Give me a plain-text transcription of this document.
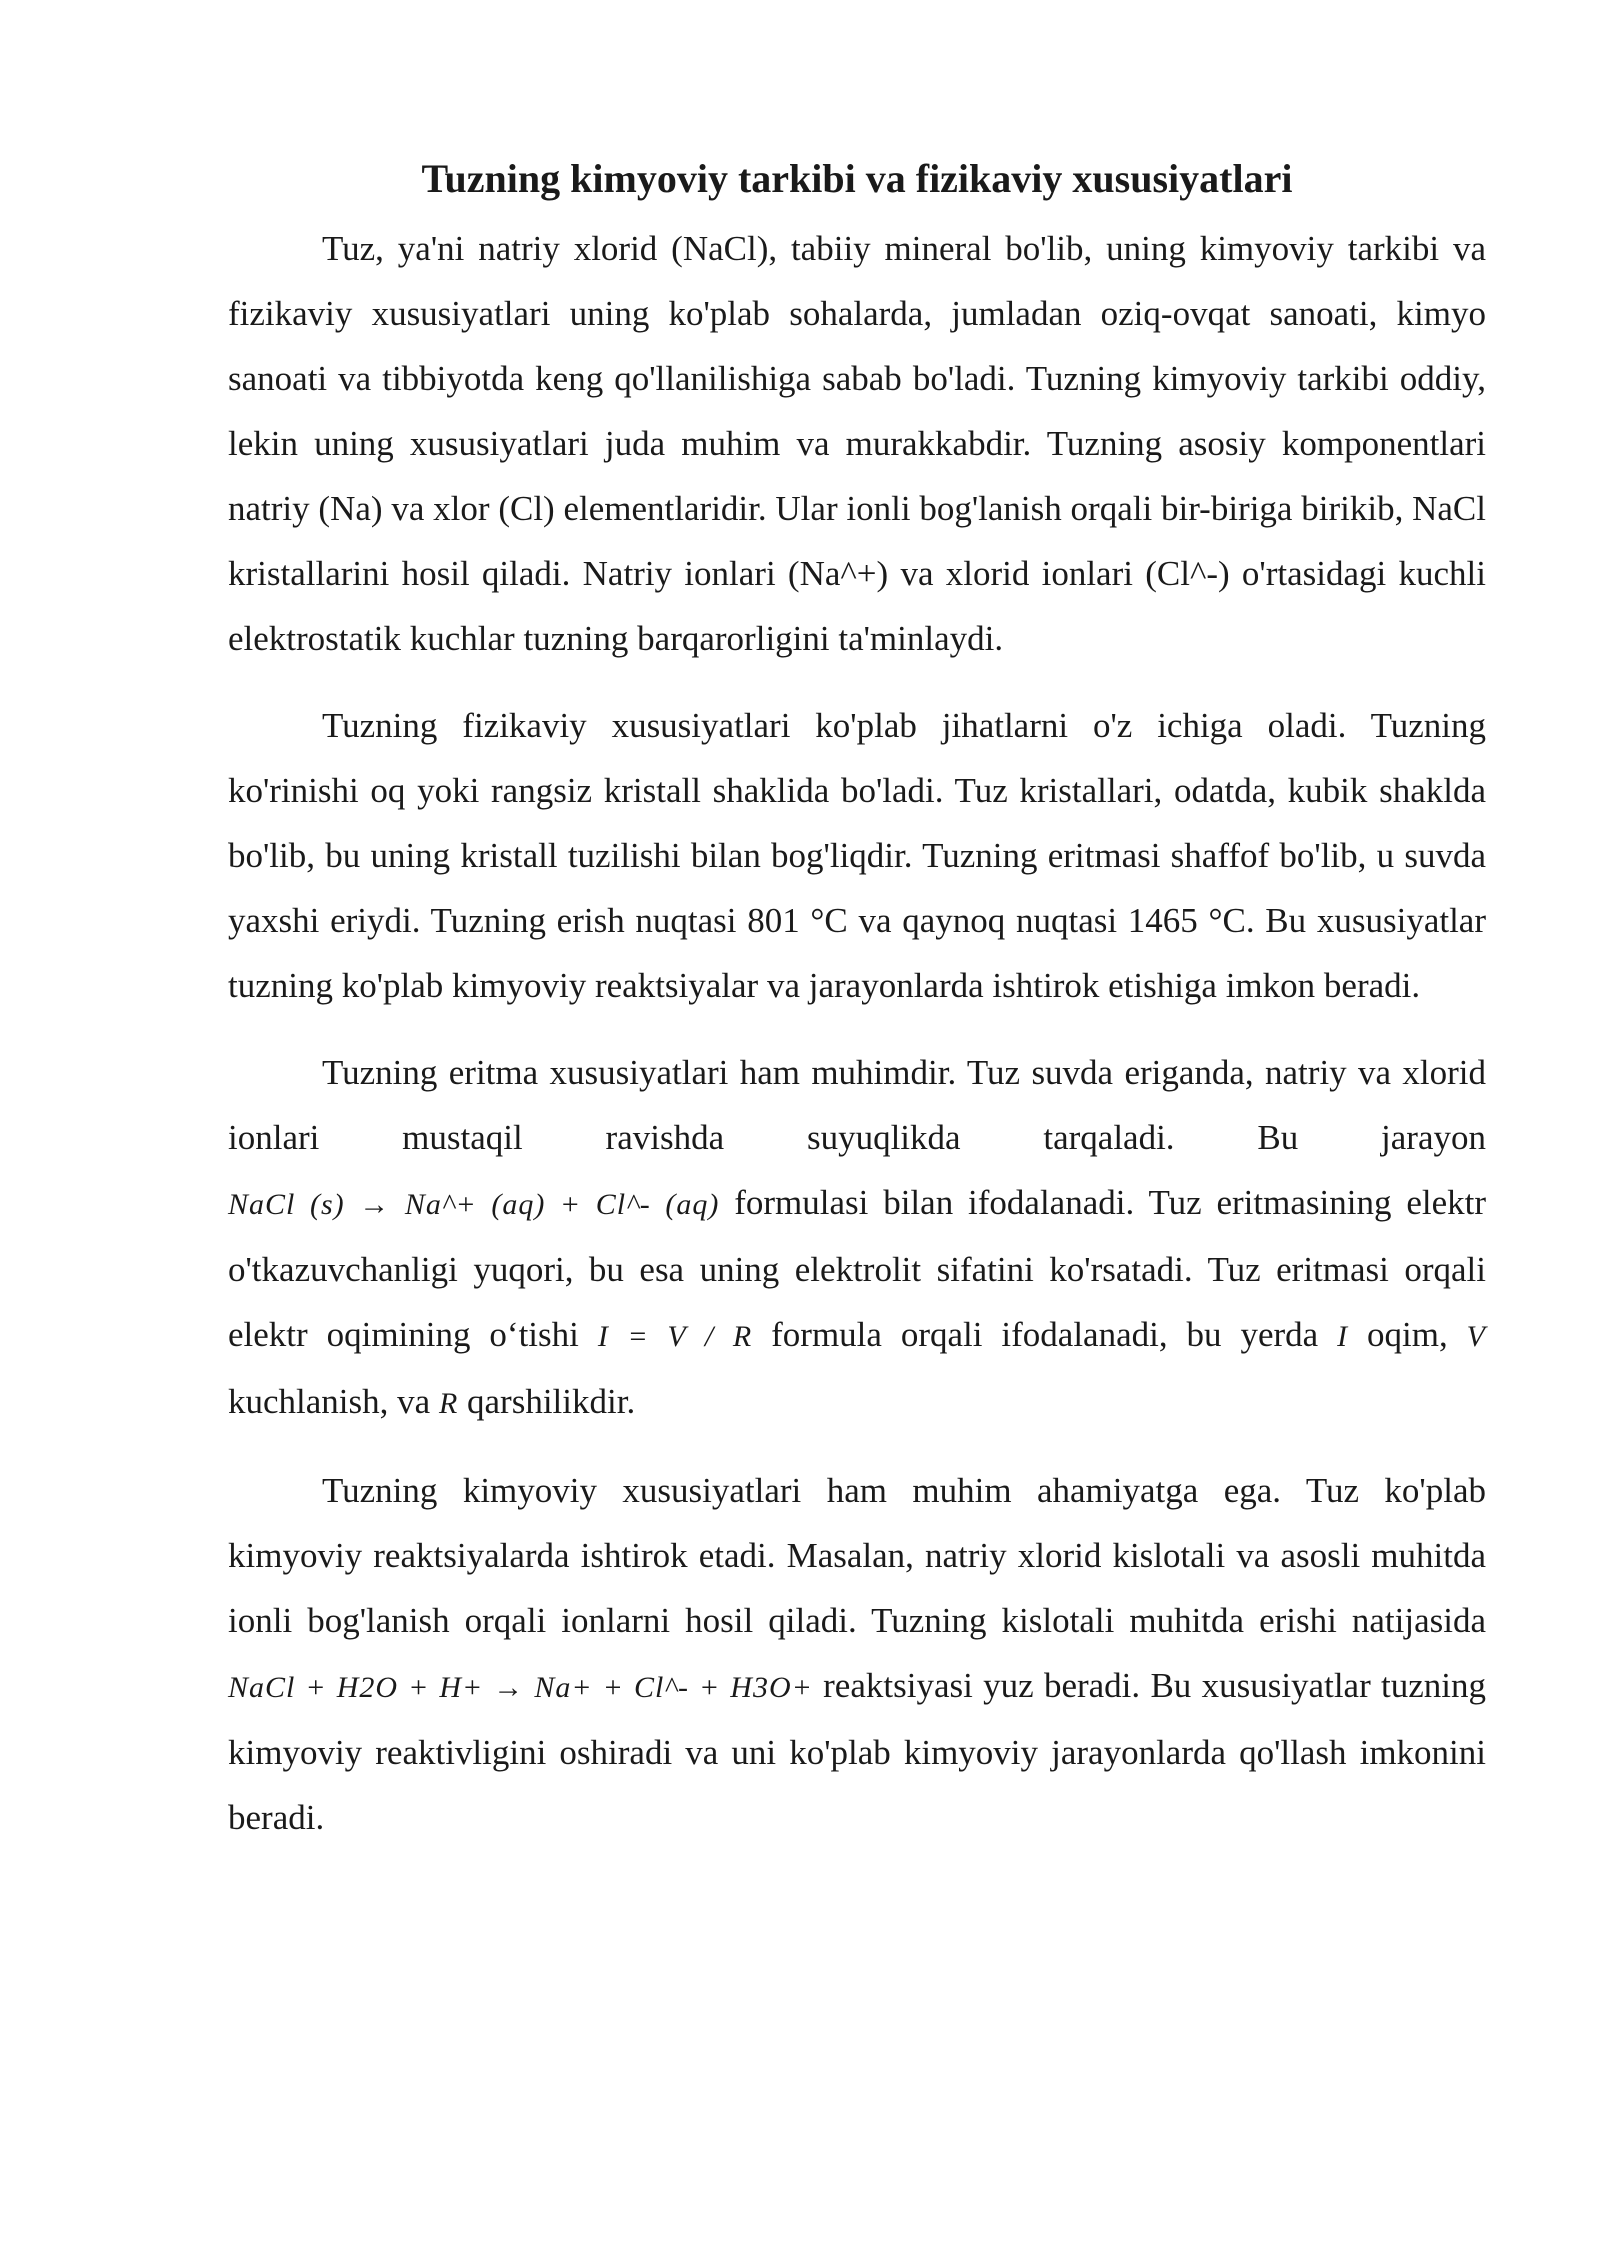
Tuzning kimyoviy tarkibi va fizikaviy xususiyatlari

Tuz, ya'ni natriy xlorid (NaCl), tabiiy mineral bo'lib, uning kimyoviy tarkibi va fizikaviy xususiyatlari uning ko'plab sohalarda, jumladan oziq-ovqat sanoati, kimyo sanoati va tibbiyotda keng qo'llanilishiga sabab bo'ladi. Tuzning kimyoviy tarkibi oddiy, lekin uning xususiyatlari juda muhim va murakkabdir. Tuzning asosiy komponentlari natriy (Na) va xlor (Cl) elementlaridir. Ular ionli bog'lanish orqali bir-biriga birikib, NaCl kristallarini hosil qiladi. Natriy ionlari (Na^+) va xlorid ionlari (Cl^-) o'rtasidagi kuchli elektrostatik kuchlar tuzning barqarorligini ta'minlaydi.

Tuzning fizikaviy xususiyatlari ko'plab jihatlarni o'z ichiga oladi. Tuzning ko'rinishi oq yoki rangsiz kristall shaklida bo'ladi. Tuz kristallari, odatda, kubik shaklda bo'lib, bu uning kristall tuzilishi bilan bog'liqdir. Tuzning eritmasi shaffof bo'lib, u suvda yaxshi eriydi. Tuzning erish nuqtasi 801 °C va qaynoq nuqtasi 1465 °C. Bu xususiyatlar tuzning ko'plab kimyoviy reaktsiyalar va jarayonlarda ishtirok etishiga imkon beradi.

Tuzning eritma xususiyatlari ham muhimdir. Tuz suvda eriganda, natriy va xlorid ionlari mustaqil ravishda suyuqlikda tarqaladi. Bu jarayon NaCl (s) → Na^+ (aq) + Cl^- (aq) formulasi bilan ifodalanadi. Tuz eritmasining elektr o'tkazuvchanligi yuqori, bu esa uning elektrolit sifatini ko'rsatadi. Tuz eritmasi orqali elektr oqimining o‘tishi I = V / R formula orqali ifodalanadi, bu yerda I oqim, V kuchlanish, va R qarshilikdir.

Tuzning kimyoviy xususiyatlari ham muhim ahamiyatga ega. Tuz ko'plab kimyoviy reaktsiyalarda ishtirok etadi. Masalan, natriy xlorid kislotali va asosli muhitda ionli bog'lanish orqali ionlarni hosil qiladi. Tuzning kislotali muhitda erishi natijasida NaCl + H2O + H+ → Na+ + Cl^- + H3O+ reaktsiyasi yuz beradi. Bu xususiyatlar tuzning kimyoviy reaktivligini oshiradi va uni ko'plab kimyoviy jarayonlarda qo'llash imkonini beradi.
